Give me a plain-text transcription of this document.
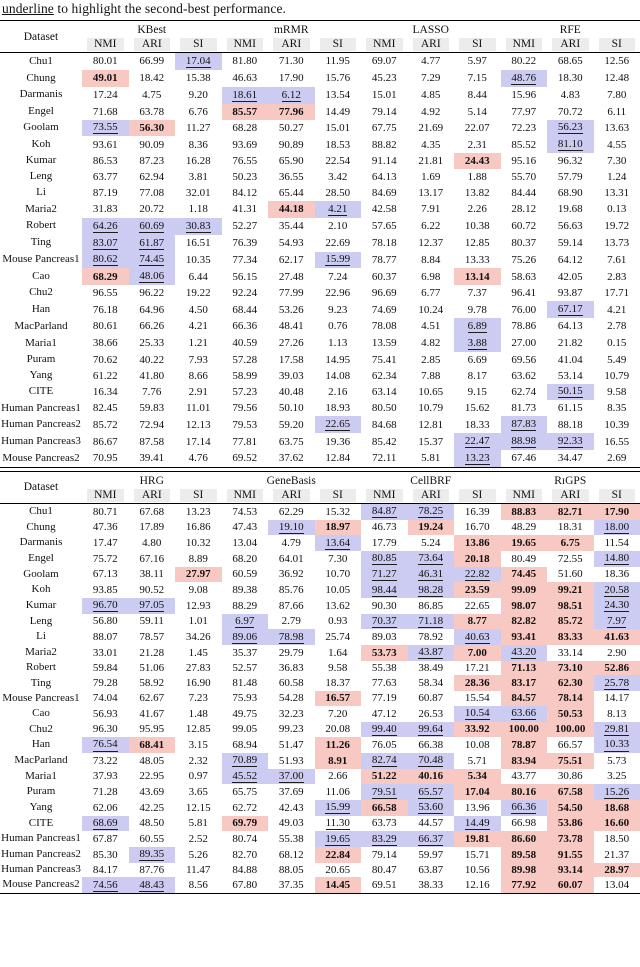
underline to highlight the second-best performance.
Dataset	KBest			mRMR			LASSO			RFE		

	NMI	ARI	SI	NMI	ARI	SI	NMI	ARI	SI	NMI	ARI	SI

Chu1	80.01	66.99	17.04	81.80	71.30	11.95	69.07	4.77	5.97	80.22	68.65	12.56
Chung	49.01	18.42	15.38	46.63	17.90	15.76	45.23	7.29	7.15	48.76	18.30	12.48
Darmanis	17.24	4.75	9.20	18.61	6.12	13.54	15.01	4.85	8.44	15.96	4.83	7.80
Engel	71.68	63.78	6.76	85.57	77.96	14.49	79.14	4.92	5.14	77.97	70.72	6.11
Goolam	73.55	56.30	11.27	68.28	50.27	15.01	67.75	21.69	22.07	72.23	56.23	13.63
Koh	93.61	90.09	8.36	93.69	90.89	18.53	88.82	4.35	2.31	85.52	81.10	4.55
Kumar	86.53	87.23	16.28	76.55	65.90	22.54	91.14	21.81	24.43	95.16	96.32	7.30
Leng	63.77	62.94	3.81	50.23	36.55	3.42	64.13	1.69	1.88	55.70	57.79	1.24
Li	87.19	77.08	32.01	84.12	65.44	28.50	84.69	13.17	13.82	84.44	68.90	13.31
Maria2	31.83	20.72	1.18	41.31	44.18	4.21	42.58	7.91	2.26	28.12	19.68	0.13
Robert	64.26	60.69	30.83	52.27	35.44	2.10	57.65	6.22	10.38	60.72	56.63	19.72
Ting	83.07	61.87	16.51	76.39	54.93	22.69	78.18	12.37	12.85	80.37	59.14	13.73
Mouse Pancreas1	80.62	74.45	10.35	77.34	62.17	15.99	78.77	8.84	13.33	75.26	64.12	7.61
Cao	68.29	48.06	6.44	56.15	27.48	7.24	60.37	6.98	13.14	58.63	42.05	2.83
Chu2	96.55	96.22	19.22	92.24	77.99	22.96	96.69	6.77	7.37	96.41	93.87	17.71
Han	76.18	64.96	4.50	68.44	53.26	9.23	74.69	10.24	9.78	76.00	67.17	4.21
MacParland	80.61	66.26	4.21	66.36	48.41	0.76	78.08	4.51	6.89	78.86	64.13	2.78
Maria1	38.66	25.33	1.21	40.59	27.26	1.13	13.59	4.82	3.88	27.00	21.82	0.15
Puram	70.62	40.22	7.93	57.28	17.58	14.95	75.41	2.85	6.69	69.56	41.04	5.49
Yang	61.22	41.80	8.66	58.99	39.03	14.08	62.34	7.88	8.17	63.62	53.14	10.79
CITE	16.34	7.76	2.91	57.23	40.48	2.16	63.14	10.65	9.15	62.74	50.15	9.58
Human Pancreas1	82.45	59.83	11.01	79.56	50.10	18.93	80.50	10.79	15.62	81.73	61.15	8.35
Human Pancreas2	85.72	72.94	12.13	79.53	59.20	22.65	84.68	12.81	18.33	87.83	88.18	10.39
Human Pancreas3	86.67	87.58	17.14	77.81	63.75	19.36	85.42	15.37	22.47	88.98	92.33	16.55
Mouse Pancreas2	70.95	39.41	4.76	69.52	37.62	12.84	72.11	5.81	13.23	67.46	34.47	2.69
Dataset	HRG			GeneBasis			CellBRF			RɪGPS		

	NMI	ARI	SI	NMI	ARI	SI	NMI	ARI	SI	NMI	ARI	SI

Chu1	80.71	67.68	13.23	74.53	62.29	15.32	84.87	78.25	16.39	88.83	82.71	17.90
Chung	47.36	17.89	16.86	47.43	19.10	18.97	46.73	19.24	16.70	48.29	18.31	18.00
Darmanis	17.47	4.80	10.32	13.04	4.79	13.64	17.79	5.24	13.86	19.65	6.75	11.54
Engel	75.72	67.16	8.89	68.20	64.01	7.30	80.85	73.64	20.18	80.49	72.55	14.80
Goolam	67.13	38.11	27.97	60.59	36.92	10.70	71.27	46.31	22.82	74.45	51.60	18.36
Koh	93.85	90.52	9.08	89.38	85.76	10.05	98.44	98.28	23.59	99.09	99.21	20.58
Kumar	96.70	97.05	12.93	88.29	87.66	13.62	90.30	86.85	22.65	98.07	98.51	24.30
Leng	56.80	59.11	1.01	6.97	2.79	0.93	70.37	71.18	8.77	82.82	85.72	7.97
Li	88.07	78.57	34.26	89.06	78.98	25.74	89.03	78.92	40.63	93.41	83.33	41.63
Maria2	33.01	21.28	1.45	35.37	29.79	1.64	53.73	43.87	7.00	43.20	33.14	2.90
Robert	59.84	51.06	27.83	52.57	36.83	9.58	55.38	38.49	17.21	71.13	73.10	52.86
Ting	79.28	58.92	16.90	81.48	60.58	18.37	77.63	58.34	28.36	83.17	62.30	25.78
Mouse Pancreas1	74.04	62.67	7.23	75.93	54.28	16.57	77.19	60.87	15.54	84.57	78.14	14.17
Cao	56.93	41.67	1.48	49.75	32.23	7.20	47.12	26.53	10.54	63.66	50.53	8.13
Chu2	96.30	95.95	12.85	99.05	99.23	20.08	99.40	99.64	33.92	100.00	100.00	29.81
Han	76.54	68.41	3.15	68.94	51.47	11.26	76.05	66.38	10.08	78.87	66.57	10.33
MacParland	73.22	48.05	2.32	70.89	51.93	8.91	82.74	70.48	5.71	83.94	75.51	5.73
Maria1	37.93	22.95	0.97	45.52	37.00	2.66	51.22	40.16	5.34	43.77	30.86	3.25
Puram	71.28	43.69	3.65	65.75	37.69	11.06	79.51	65.57	17.04	80.16	67.58	15.26
Yang	62.06	42.25	12.15	62.72	42.43	15.99	66.58	53.60	13.96	66.36	54.50	18.68
CITE	68.69	48.50	5.81	69.79	49.03	11.30	63.73	44.57	14.49	66.98	53.86	16.60
Human Pancreas1	67.87	60.55	2.52	80.74	55.38	19.65	83.29	66.37	19.81	86.60	73.78	18.50
Human Pancreas2	85.30	89.35	5.26	82.70	68.12	22.84	79.14	59.97	15.71	89.58	91.55	21.37
Human Pancreas3	84.17	87.76	11.47	84.88	88.05	20.65	80.47	63.87	10.56	89.98	93.14	28.97
Mouse Pancreas2	74.56	48.43	8.56	67.80	37.35	14.45	69.51	38.33	12.16	77.92	60.07	13.04
